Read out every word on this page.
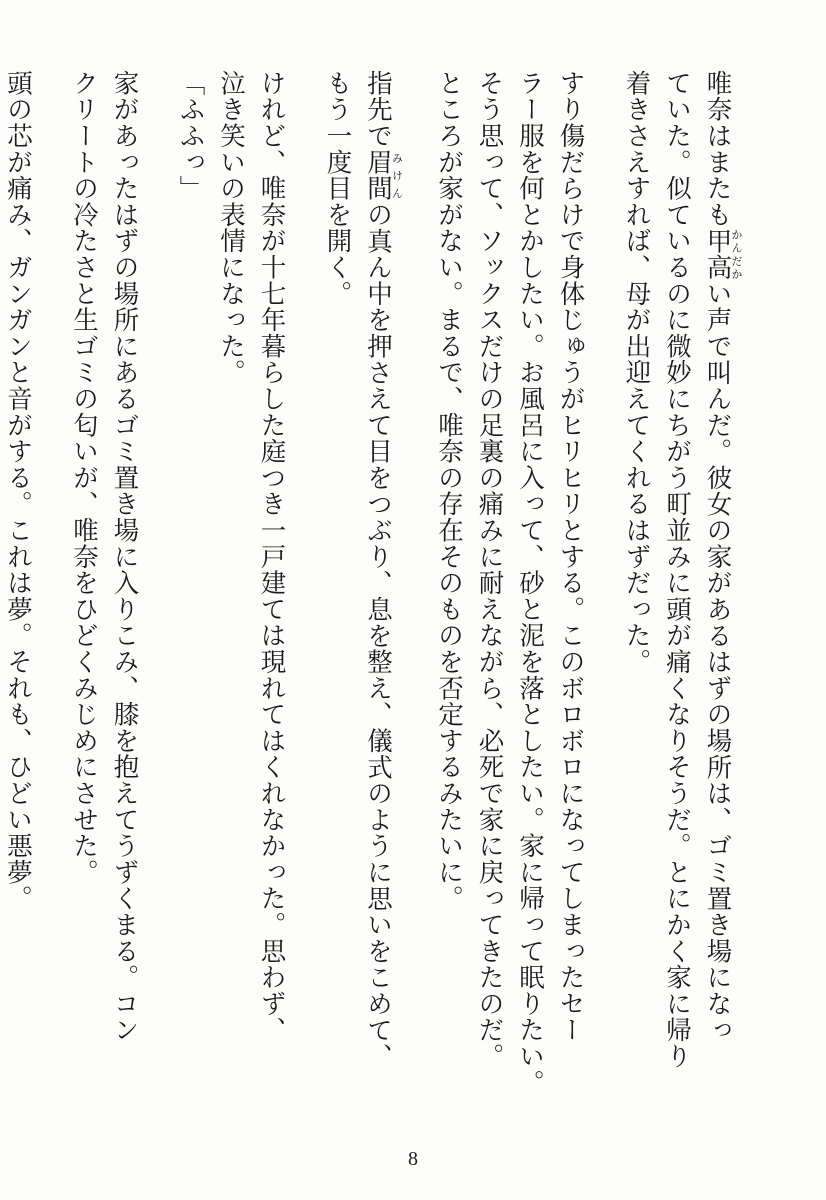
唯奈はまたも甲高かんだかい声で叫んだ。彼女の家があるはずの場所は、ゴミ置き場になっ
ていた。似ているのに微妙にちがう町並みに頭が痛くなりそうだ。とにかく家に帰り
着きさえすれば、母が出迎えてくれるはずだった。
すり傷だらけで身体じゅうがヒリヒリとする。このボロボロになってしまったセー
ラー服を何とかしたい。お風呂に入って、砂と泥を落としたい。家に帰って眠りたい。
そう思って、ソックスだけの足裏の痛みに耐えながら、必死で家に戻ってきたのだ。
ところが家がない。まるで、唯奈の存在そのものを否定するみたいに。
指先で眉間みけんの真ん中を押さえて目をつぶり、息を整え、儀式のように思いをこめて、
もう一度目を開く。
けれど、唯奈が十七年暮らした庭つき一戸建ては現れてはくれなかった。思わず、
泣き笑いの表情になった。
「ふふっ」
家があったはずの場所にあるゴミ置き場に入りこみ、膝を抱えてうずくまる。コン
クリートの冷たさと生ゴミの匂いが、唯奈をひどくみじめにさせた。
頭の芯が痛み、ガンガンと音がする。これは夢。それも、ひどい悪夢。
8
